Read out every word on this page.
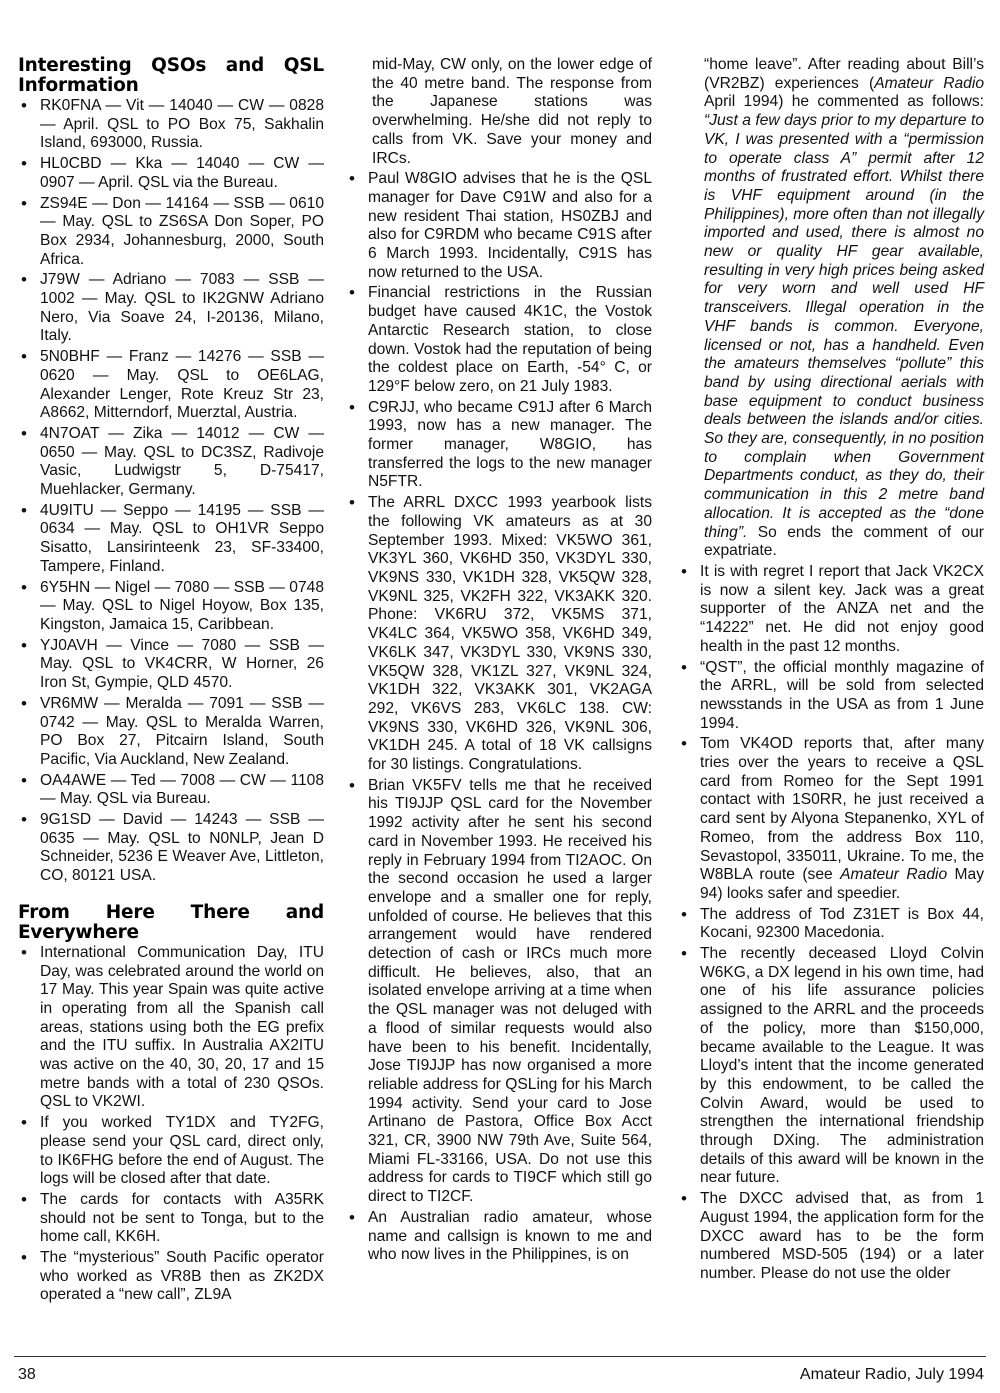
Interesting QSOs and QSL Information
• RK0FNA — Vit — 14040 — CW — 0828 — April. QSL to PO Box 75, Sakhalin Island, 693000, Russia.
• HL0CBD — Kka — 14040 — CW — 0907 — April. QSL via the Bureau.
• ZS94E — Don — 14164 — SSB — 0610 — May. QSL to ZS6SA Don Soper, PO Box 2934, Johannesburg, 2000, South Africa.
• J79W — Adriano — 7083 — SSB — 1002 — May. QSL to IK2GNW Adriano Nero, Via Soave 24, I-20136, Milano, Italy.
• 5N0BHF — Franz — 14276 — SSB — 0620 — May. QSL to OE6LAG, Alexander Lenger, Rote Kreuz Str 23, A8662, Mitterndorf, Muerztal, Austria.
• 4N7OAT — Zika — 14012 — CW — 0650 — May. QSL to DC3SZ, Radivoje Vasic, Ludwigstr 5, D-75417, Muehlacker, Germany.
• 4U9ITU — Seppo — 14195 — SSB — 0634 — May. QSL to OH1VR Seppo Sisatto, Lansirinteenk 23, SF-33400, Tampere, Finland.
• 6Y5HN — Nigel — 7080 — SSB — 0748 — May. QSL to Nigel Hoyow, Box 135, Kingston, Jamaica 15, Caribbean.
• YJ0AVH — Vince — 7080 — SSB — May. QSL to VK4CRR, W Horner, 26 Iron St, Gympie, QLD 4570.
• VR6MW — Meralda — 7091 — SSB — 0742 — May. QSL to Meralda Warren, PO Box 27, Pitcairn Island, South Pacific, Via Auckland, New Zealand.
• OA4AWE — Ted — 7008 — CW — 1108 — May. QSL via Bureau.
• 9G1SD — David — 14243 — SSB — 0635 — May. QSL to N0NLP, Jean D Schneider, 5236 E Weaver Ave, Littleton, CO, 80121 USA.
From Here There and Everywhere
• International Communication Day, ITU Day, was celebrated around the world on 17 May. This year Spain was quite active in operating from all the Spanish call areas, stations using both the EG prefix and the ITU suffix. In Australia AX2ITU was active on the 40, 30, 20, 17 and 15 metre bands with a total of 230 QSOs. QSL to VK2WI.
• If you worked TY1DX and TY2FG, please send your QSL card, direct only, to IK6FHG before the end of August. The logs will be closed after that date.
• The cards for contacts with A35RK should not be sent to Tonga, but to the home call, KK6H.
• The “mysterious” South Pacific operator who worked as VR8B then as ZK2DX operated a “new call”, ZL9A
mid-May, CW only, on the lower edge of the 40 metre band. The response from the Japanese stations was overwhelming. He/she did not reply to calls from VK. Save your money and IRCs.
• Paul W8GIO advises that he is the QSL manager for Dave C91W and also for a new resident Thai station, HS0ZBJ and also for C9RDM who became C91S after 6 March 1993. Incidentally, C91S has now returned to the USA.
• Financial restrictions in the Russian budget have caused 4K1C, the Vostok Antarctic Research station, to close down. Vostok had the reputation of being the coldest place on Earth, -54° C, or 129°F below zero, on 21 July 1983.
• C9RJJ, who became C91J after 6 March 1993, now has a new manager. The former manager, W8GIO, has transferred the logs to the new manager N5FTR.
• The ARRL DXCC 1993 yearbook lists the following VK amateurs as at 30 September 1993. Mixed: VK5WO 361, VK3YL 360, VK6HD 350, VK3DYL 330, VK9NS 330, VK1DH 328, VK5QW 328, VK9NL 325, VK2FH 322, VK3AKK 320. Phone: VK6RU 372, VK5MS 371, VK4LC 364, VK5WO 358, VK6HD 349, VK6LK 347, VK3DYL 330, VK9NS 330, VK5QW 328, VK1ZL 327, VK9NL 324, VK1DH 322, VK3AKK 301, VK2AGA 292, VK6VS 283, VK6LC 138. CW: VK9NS 330, VK6HD 326, VK9NL 306, VK1DH 245. A total of 18 VK callsigns for 30 listings. Congratulations.
• Brian VK5FV tells me that he received his TI9JJP QSL card for the November 1992 activity after he sent his second card in November 1993. He received his reply in February 1994 from TI2AOC. On the second occasion he used a larger envelope and a smaller one for reply, unfolded of course. He believes that this arrangement would have rendered detection of cash or IRCs much more difficult. He believes, also, that an isolated envelope arriving at a time when the QSL manager was not deluged with a flood of similar requests would also have been to his benefit. Incidentally, Jose TI9JJP has now organised a more reliable address for QSLing for his March 1994 activity. Send your card to Jose Artinano de Pastora, Office Box Acct 321, CR, 3900 NW 79th Ave, Suite 564, Miami FL-33166, USA. Do not use this address for cards to TI9CF which still go direct to TI2CF.
• An Australian radio amateur, whose name and callsign is known to me and who now lives in the Philippines, is on
“home leave”. After reading about Bill’s (VR2BZ) experiences (Amateur Radio April 1994) he commented as follows: “Just a few days prior to my departure to VK, I was presented with a “permission to operate class A” permit after 12 months of frustrated effort. Whilst there is VHF equipment around (in the Philippines), more often than not illegally imported and used, there is almost no new or quality HF gear available, resulting in very high prices being asked for very worn and well used HF transceivers. Illegal operation in the VHF bands is common. Everyone, licensed or not, has a handheld. Even the amateurs themselves “pollute” this band by using directional aerials with base equipment to conduct business deals between the islands and/or cities. So they are, consequently, in no position to complain when Government Departments conduct, as they do, their communication in this 2 metre band allocation. It is accepted as the “done thing”. So ends the comment of our expatriate.
• It is with regret I report that Jack VK2CX is now a silent key. Jack was a great supporter of the ANZA net and the “14222” net. He did not enjoy good health in the past 12 months.
• “QST”, the official monthly magazine of the ARRL, will be sold from selected newsstands in the USA as from 1 June 1994.
• Tom VK4OD reports that, after many tries over the years to receive a QSL card from Romeo for the Sept 1991 contact with 1S0RR, he just received a card sent by Alyona Stepanenko, XYL of Romeo, from the address Box 110, Sevastopol, 335011, Ukraine. To me, the W8BLA route (see Amateur Radio May 94) looks safer and speedier.
• The address of Tod Z31ET is Box 44, Kocani, 92300 Macedonia.
• The recently deceased Lloyd Colvin W6KG, a DX legend in his own time, had one of his life assurance policies assigned to the ARRL and the proceeds of the policy, more than $150,000, became available to the League. It was Lloyd’s intent that the income generated by this endowment, to be called the Colvin Award, would be used to strengthen the international friendship through DXing. The administration details of this award will be known in the near future.
• The DXCC advised that, as from 1 August 1994, the application form for the DXCC award has to be the form numbered MSD-505 (194) or a later number. Please do not use the older
38	Amateur Radio, July 1994
